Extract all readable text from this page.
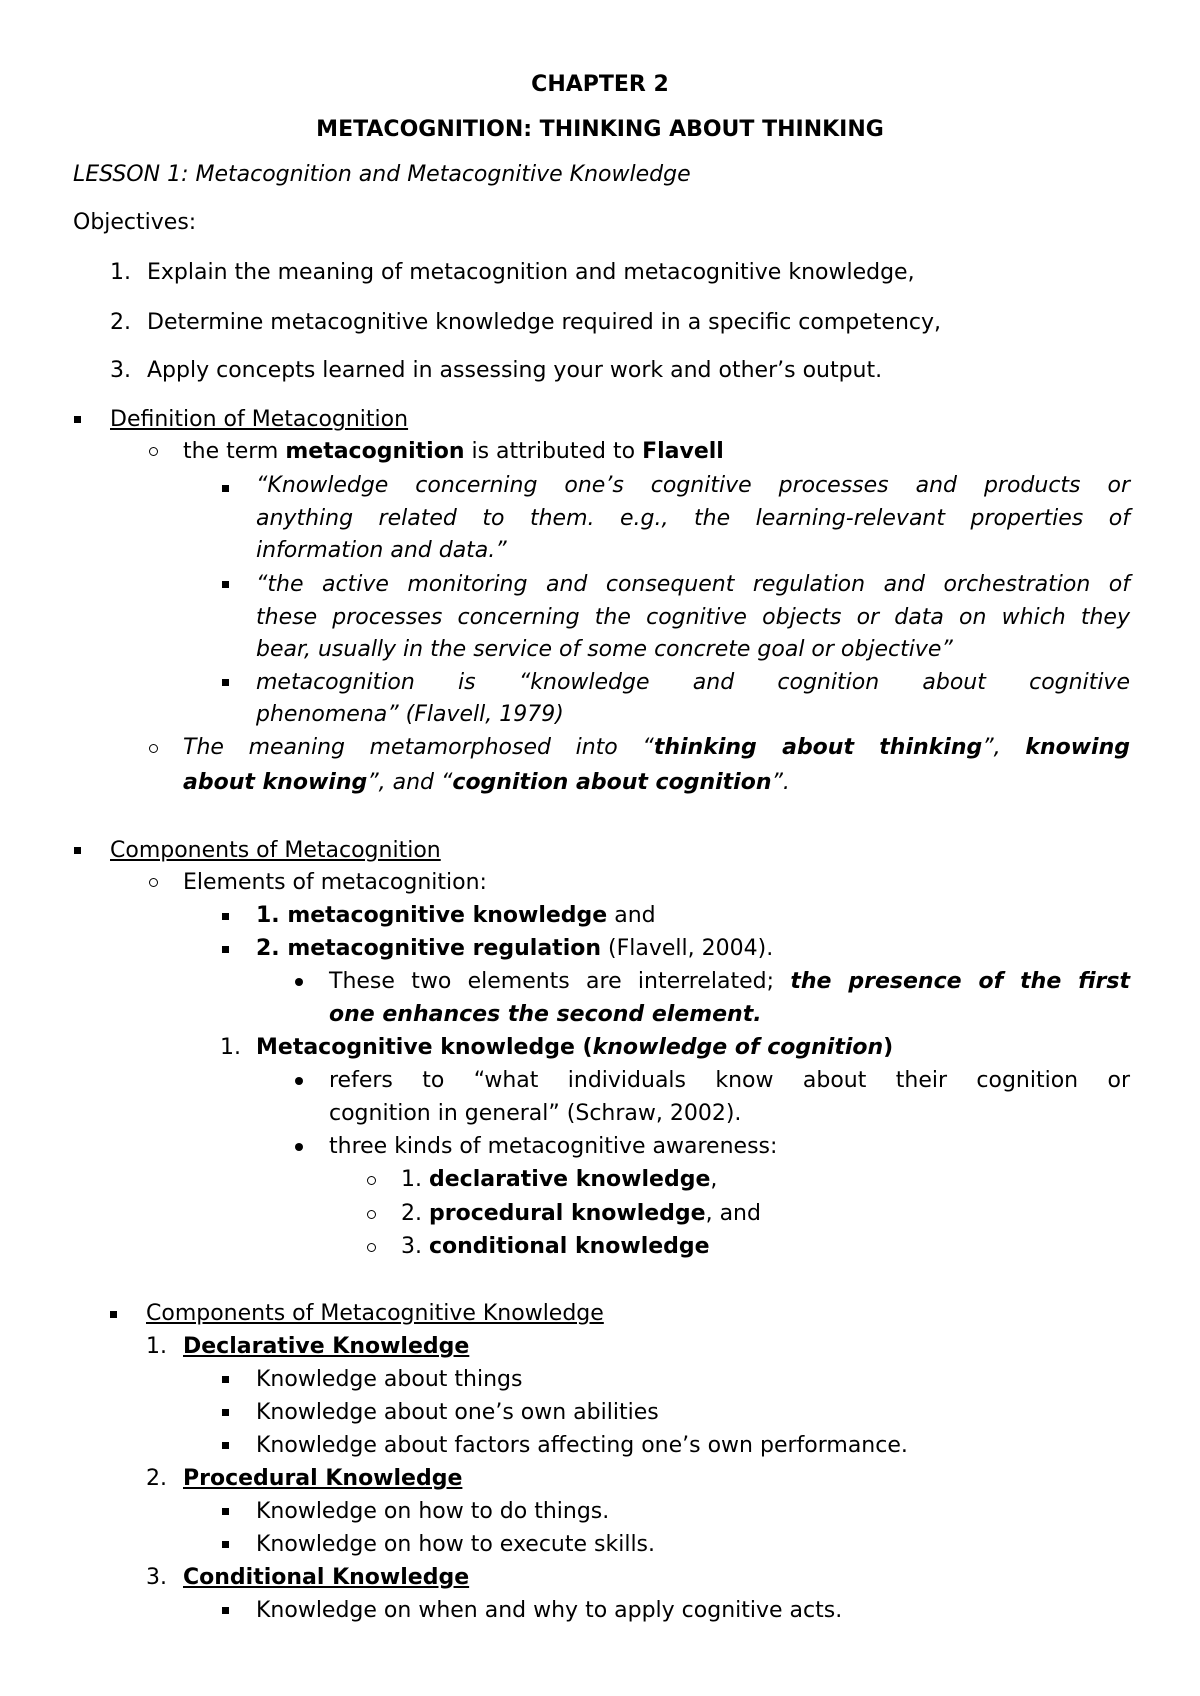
CHAPTER 2
METACOGNITION: THINKING ABOUT THINKING
LESSON 1: Metacognition and Metacognitive Knowledge
Objectives:
1. Explain the meaning of metacognition and metacognitive knowledge,
2. Determine metacognitive knowledge required in a specific competency,
3. Apply concepts learned in assessing your work and other’s output.
Definition of Metacognition
the term metacognition is attributed to Flavell
“Knowledge concerning one’s cognitive processes and products or
anything related to them. e.g., the learning-relevant properties of
information and data.”
“the active monitoring and consequent regulation and orchestration of
these processes concerning the cognitive objects or data on which they
bear, usually in the service of some concrete goal or objective”
metacognition is “knowledge and cognition about cognitive
phenomena” (Flavell, 1979)
The meaning metamorphosed into “thinking about thinking”, knowing
about knowing”, and “cognition about cognition”.
Components of Metacognition
Elements of metacognition:
1. metacognitive knowledge and
2. metacognitive regulation (Flavell, 2004).
These two elements are interrelated; the presence of the first
one enhances the second element.
1. Metacognitive knowledge (knowledge of cognition)
refers to “what individuals know about their cognition or
cognition in general” (Schraw, 2002).
three kinds of metacognitive awareness:
1. declarative knowledge,
2. procedural knowledge, and
3. conditional knowledge
Components of Metacognitive Knowledge
1. Declarative Knowledge
Knowledge about things
Knowledge about one’s own abilities
Knowledge about factors affecting one’s own performance.
2. Procedural Knowledge
Knowledge on how to do things.
Knowledge on how to execute skills.
3. Conditional Knowledge
Knowledge on when and why to apply cognitive acts.
